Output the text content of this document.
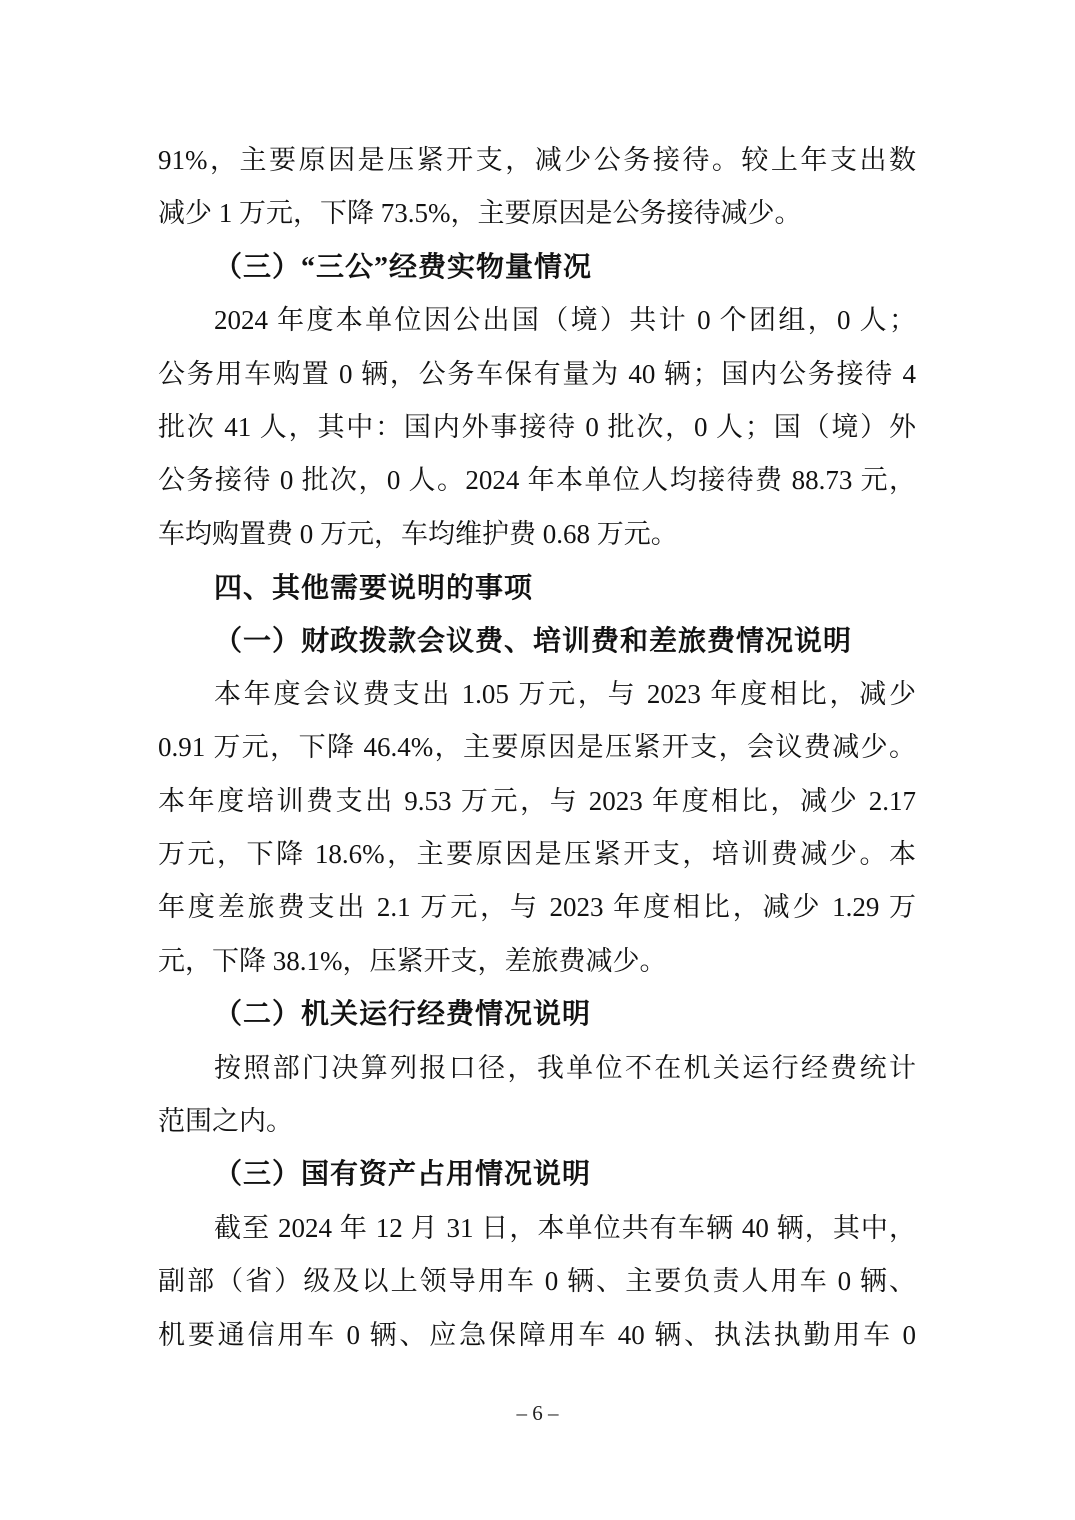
91%，主要原因是压紧开支，减少公务接待。较上年支出数
减少 1 万元，下降 73.5%，主要原因是公务接待减少。
（三）“三公”经费实物量情况
2024 年度本单位因公出国（境）共计 0 个团组，0 人；
公务用车购置 0 辆，公务车保有量为 40 辆；国内公务接待 4
批次 41 人，其中：国内外事接待 0 批次，0 人；国（境）外
公务接待 0 批次，0 人。2024 年本单位人均接待费 88.73 元，
车均购置费 0 万元，车均维护费 0.68 万元。
四、其他需要说明的事项
（一）财政拨款会议费、培训费和差旅费情况说明
本年度会议费支出 1.05 万元，与 2023 年度相比，减少
0.91 万元，下降 46.4%，主要原因是压紧开支，会议费减少。
本年度培训费支出 9.53 万元，与 2023 年度相比，减少 2.17
万元，下降 18.6%，主要原因是压紧开支，培训费减少。本
年度差旅费支出 2.1 万元，与 2023 年度相比，减少 1.29 万
元，下降 38.1%，压紧开支，差旅费减少。
（二）机关运行经费情况说明
按照部门决算列报口径，我单位不在机关运行经费统计
范围之内。
（三）国有资产占用情况说明
截至 2024 年 12 月 31 日，本单位共有车辆 40 辆，其中，
副部（省）级及以上领导用车 0 辆、主要负责人用车 0 辆、
机要通信用车 0 辆、应急保障用车 40 辆、执法执勤用车 0
– 6 –
